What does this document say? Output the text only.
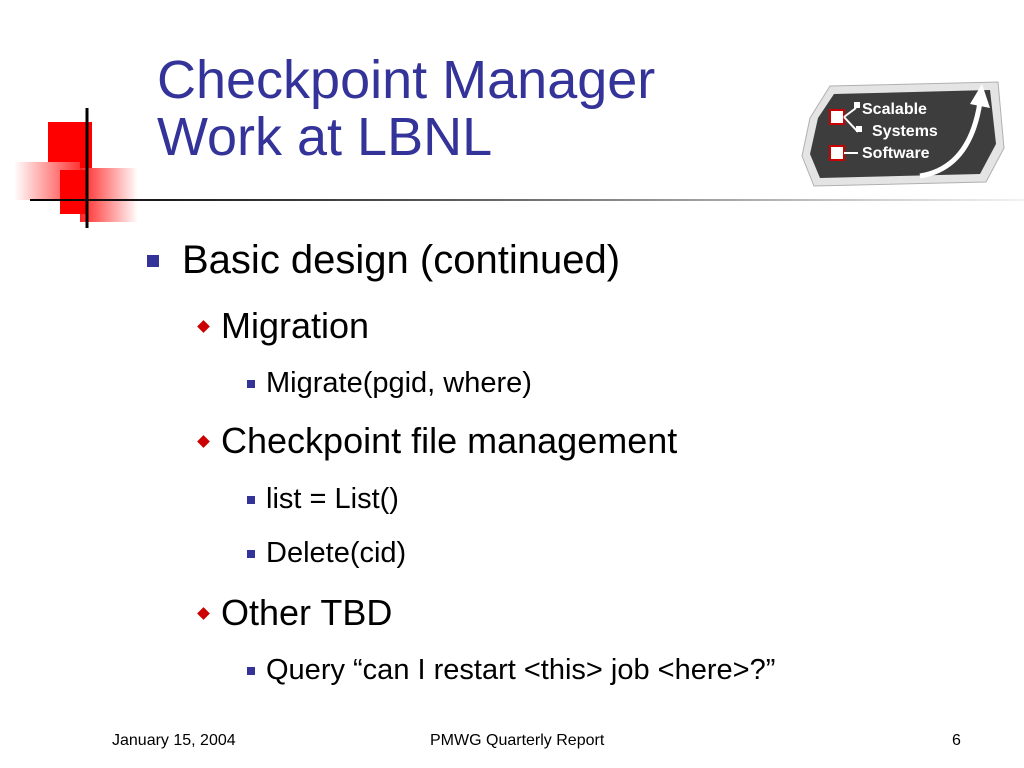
Checkpoint Manager
Work at LBNL	Scalable
Systems
Software
Basic design (continued)
Migration
Migrate(pgid, where)
Checkpoint file management
list = List()
Delete(cid)
Other TBD
Query “can I restart <this> job <here>?”
January 15, 2004	PMWG Quarterly Report	6
